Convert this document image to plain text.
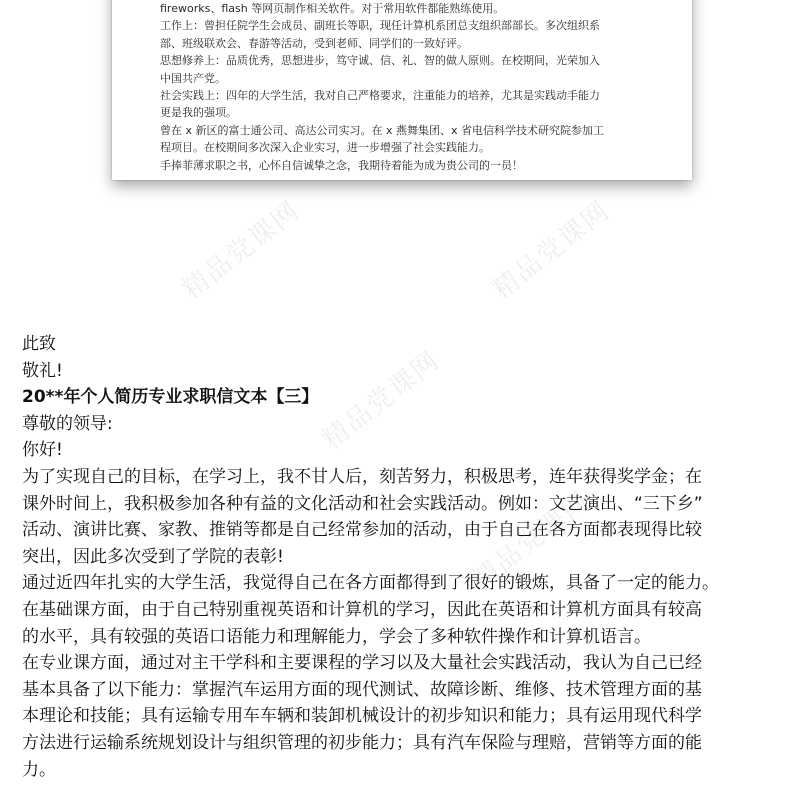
fireworks、flash 等网页制作相关软件。对于常用软件都能熟练使用。

工作上：曾担任院学生会成员、副班长等职，现任计算机系团总支组织部部长。多次组织系

部、班级联欢会、春游等活动，受到老师、同学们的一致好评。

思想修养上：品质优秀，思想进步，笃守诚、信、礼、智的做人原则。在校期间，光荣加入

中国共产党。

社会实践上：四年的大学生活，我对自己严格要求，注重能力的培养，尤其是实践动手能力

更是我的强项。

曾在 x 新区的富士通公司、高达公司实习。在 x 燕舞集团、x 省电信科学技术研究院参加工

程项目。在校期间多次深入企业实习，进一步增强了社会实践能力。

手捧菲薄求职之书，心怀自信诚挚之念，我期待着能为成为贵公司的一员！

精品党课网	精品党课网
精品党课网
精品党课网

此致

敬礼!

20**年个人简历专业求职信文本【三】

尊敬的领导:

你好!

为了实现自己的目标，在学习上，我不甘人后，刻苦努力，积极思考，连年获得奖学金；在

课外时间上，我积极参加各种有益的文化活动和社会实践活动。例如：文艺演出、“三下乡”

活动、演讲比赛、家教、推销等都是自己经常参加的活动，由于自己在各方面都表现得比较

突出，因此多次受到了学院的表彰!

通过近四年扎实的大学生活，我觉得自己在各方面都得到了很好的锻炼，具备了一定的能力。

在基础课方面，由于自己特别重视英语和计算机的学习，因此在英语和计算机方面具有较高

的水平，具有较强的英语口语能力和理解能力，学会了多种软件操作和计算机语言。

在专业课方面，通过对主干学科和主要课程的学习以及大量社会实践活动，我认为自己已经

基本具备了以下能力：掌握汽车运用方面的现代测试、故障诊断、维修、技术管理方面的基

本理论和技能；具有运输专用车车辆和装卸机械设计的初步知识和能力；具有运用现代科学

方法进行运输系统规划设计与组织管理的初步能力；具有汽车保险与理赔，营销等方面的能

力。
